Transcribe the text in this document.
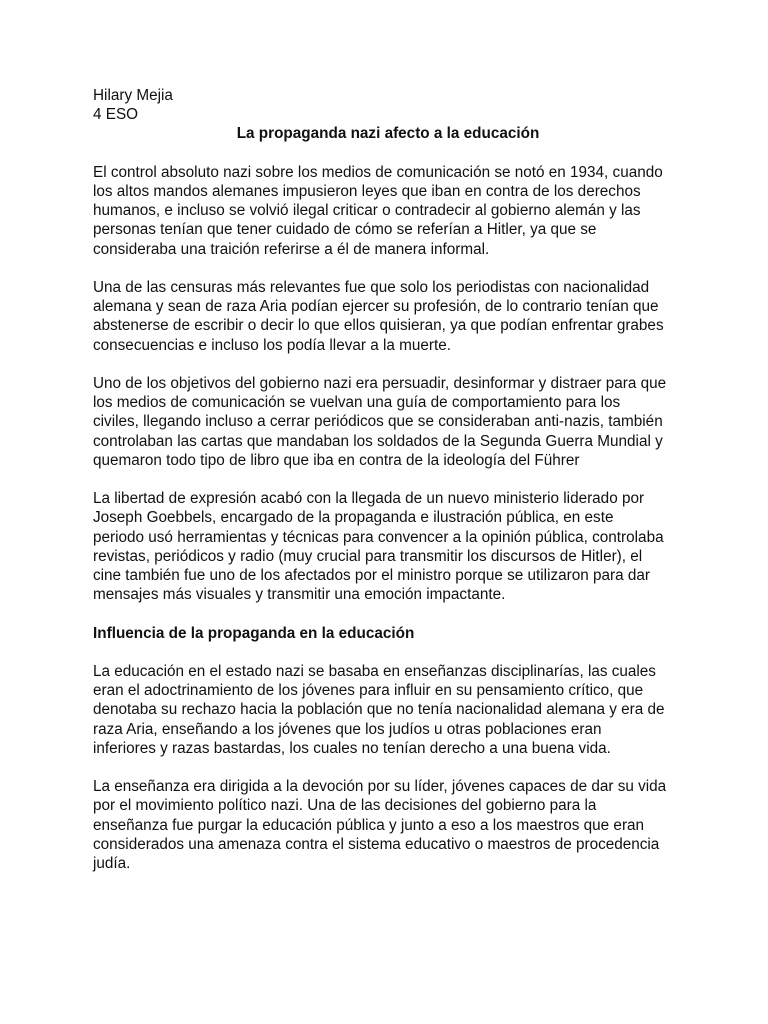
Hilary Mejia
4 ESO
La propaganda nazi afecto a la educación
El control absoluto nazi sobre los medios de comunicación se notó en 1934, cuando
los altos mandos alemanes impusieron leyes que iban en contra de los derechos
humanos, e incluso se volvió ilegal criticar o contradecir al gobierno alemán y las
personas tenían que tener cuidado de cómo se referían a Hitler, ya que se
consideraba una traición referirse a él de manera informal.
Una de las censuras más relevantes fue que solo los periodistas con nacionalidad
alemana y sean de raza Aria podían ejercer su profesión, de lo contrario tenían que
abstenerse de escribir o decir lo que ellos quisieran, ya que podían enfrentar grabes
consecuencias e incluso los podía llevar a la muerte.
Uno de los objetivos del gobierno nazi era persuadir, desinformar y distraer para que
los medios de comunicación se vuelvan una guía de comportamiento para los
civiles, llegando incluso a cerrar periódicos que se consideraban anti-nazis, también
controlaban las cartas que mandaban los soldados de la Segunda Guerra Mundial y
quemaron todo tipo de libro que iba en contra de la ideología del Führer
La libertad de expresión acabó con la llegada de un nuevo ministerio liderado por
Joseph Goebbels, encargado de la propaganda e ilustración pública, en este
periodo usó herramientas y técnicas para convencer a la opinión pública, controlaba
revistas, periódicos y radio (muy crucial para transmitir los discursos de Hitler), el
cine también fue uno de los afectados por el ministro porque se utilizaron para dar
mensajes más visuales y transmitir una emoción impactante.
Influencia de la propaganda en la educación
La educación en el estado nazi se basaba en enseñanzas disciplinarías, las cuales
eran el adoctrinamiento de los jóvenes para influir en su pensamiento crítico, que
denotaba su rechazo hacia la población que no tenía nacionalidad alemana y era de
raza Aria, enseñando a los jóvenes que los judíos u otras poblaciones eran
inferiores y razas bastardas, los cuales no tenían derecho a una buena vida.
La enseñanza era dirigida a la devoción por su líder, jóvenes capaces de dar su vida
por el movimiento político nazi. Una de las decisiones del gobierno para la
enseñanza fue purgar la educación pública y junto a eso a los maestros que eran
considerados una amenaza contra el sistema educativo o maestros de procedencia
judía.
